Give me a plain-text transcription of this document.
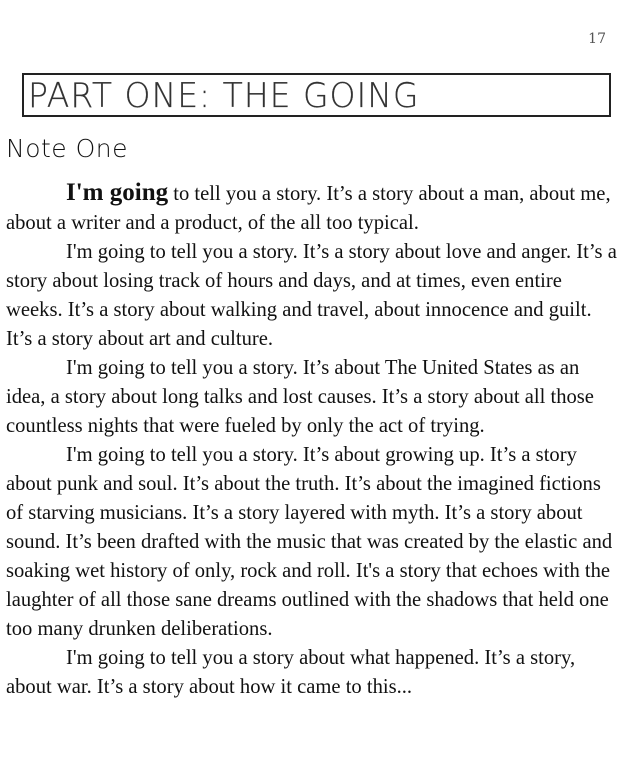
17
PART ONE: THE GOING
Note One

I'm going to tell you a story. It’s a story about a man, about me, about a writer and a product, of the all too typical.

I'm going to tell you a story. It’s a story about love and anger. It’s a story about losing track of hours and days, and at times, even entire weeks. It’s a story about walking and travel, about innocence and guilt. It’s a story about art and culture.

I'm going to tell you a story. It’s about The United States as an idea, a story about long talks and lost causes. It’s a story about all those countless nights that were fueled by only the act of trying.

I'm going to tell you a story. It’s about growing up. It’s a story about punk and soul. It’s about the truth. It’s about the imagined fictions of starving musicians. It’s a story layered with myth. It’s a story about sound. It’s been drafted with the music that was created by the elastic and soaking wet history of only, rock and roll. It's a story that echoes with the laughter of all those sane dreams outlined with the shadows that held one too many drunken deliberations.

I'm going to tell you a story about what happened. It’s a story, about war. It’s a story about how it came to this...
